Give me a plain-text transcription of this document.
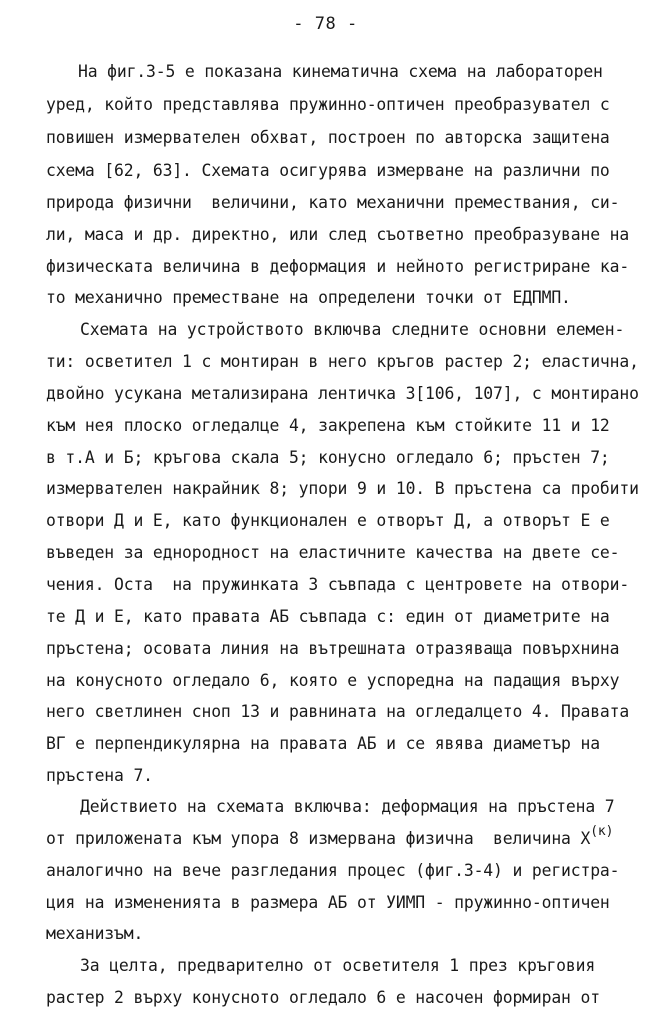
- 78 -
На фиг.3-5 е показана кинематична схема на лабораторен
уред, който представлява пружинно-оптичен преобразувател с
повишен измервателен обхват, построен по авторска защитена
схема [62, 63]. Схемата осигурява измерване на различни по
природа физични  величини, като механични премествания, си-
ли, маса и др. директно, или след съответно преобразуване на
физическата величина в деформация и нейното регистриране ка-
то механично преместване на определени точки от ЕДПМП.
Схемата на устройството включва следните основни елемен-
ти: осветител 1 с монтиран в него кръгов растер 2; еластична,
двойно усукана метализирана лентичка 3[106, 107], с монтирано
към нея плоско огледалце 4, закрепена към стойките 11 и 12
в т.А и Б; кръгова скала 5; конусно огледало 6; пръстен 7;
измервателен накрайник 8; упори 9 и 10. В пръстена са пробити
отвори Д и Е, като функционален е отворът Д, а отворът Е е
въведен за еднородност на еластичните качества на двете се-
чения. Оста  на пружинката 3 съвпада с центровете на отвори-
те Д и Е, като правата АБ съвпада с: един от диаметрите на
пръстена; осовата линия на вътрешната отразяваща повърхнина
на конусното огледало 6, която е успоредна на падащия върху
него светлинен сноп 13 и равнината на огледалцето 4. Правата
ВГ е перпендикулярна на правата АБ и се явява диаметър на
пръстена 7.
Действието на схемата включва: деформация на пръстена 7
от приложената към упора 8 измервана физична  величина $X^{(к)}$
аналогично на вече разгледания процес (фиг.3-4) и регистра-
ция на измененията в размера АБ от УИМП - пружинно-оптичен
механизъм.
За целта, предварително от осветителя 1 през кръговия
растер 2 върху конусното огледало 6 е насочен формиран от
